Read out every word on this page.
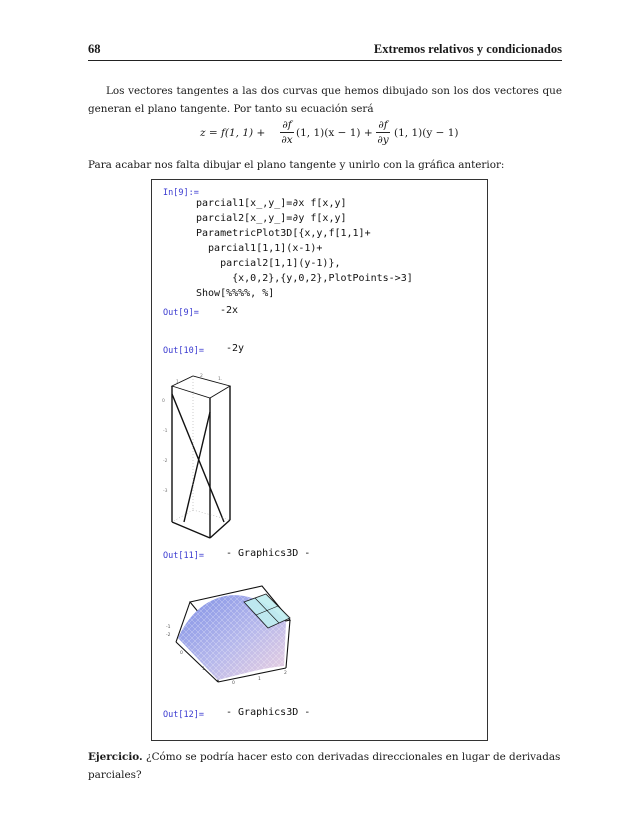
68	Extremos relativos y condicionados
Los vectores tangentes a las dos curvas que hemos dibujado son los dos vectores que generan el plano tangente. Por tanto su ecuación será
z = f(1, $1) + \frac{\partial f}{\partial x} (1$, $1)(x - 1) + \frac{\partial f}{\partial y} (1$, 1)(y − 1)
Para acabar nos falta dibujar el plano tangente y unirlo con la gráfica anterior:
In[9]:=
parcial1[x_,y_]=∂x f[x,y]
parcial2[x_,y_]=∂y f[x,y]
ParametricPlot3D[{x,y,f[1,1]+
parcial1[1,1](x-1)+
parcial2[1,1](y-1)},
{x,0,2},{y,0,2},PlotPoints->3]
Show[%%%%, %]
Out[9]= -2x
Out[10]= -2y
1.
2
1.
0
-1
-2
-3
Out[11]= - Graphics3D -
-1
-2
0
1
0
1
2
Out[12]= - Graphics3D -
Ejercicio. ¿Cómo se podría hacer esto con derivadas direccionales en lugar de derivadas parciales?
